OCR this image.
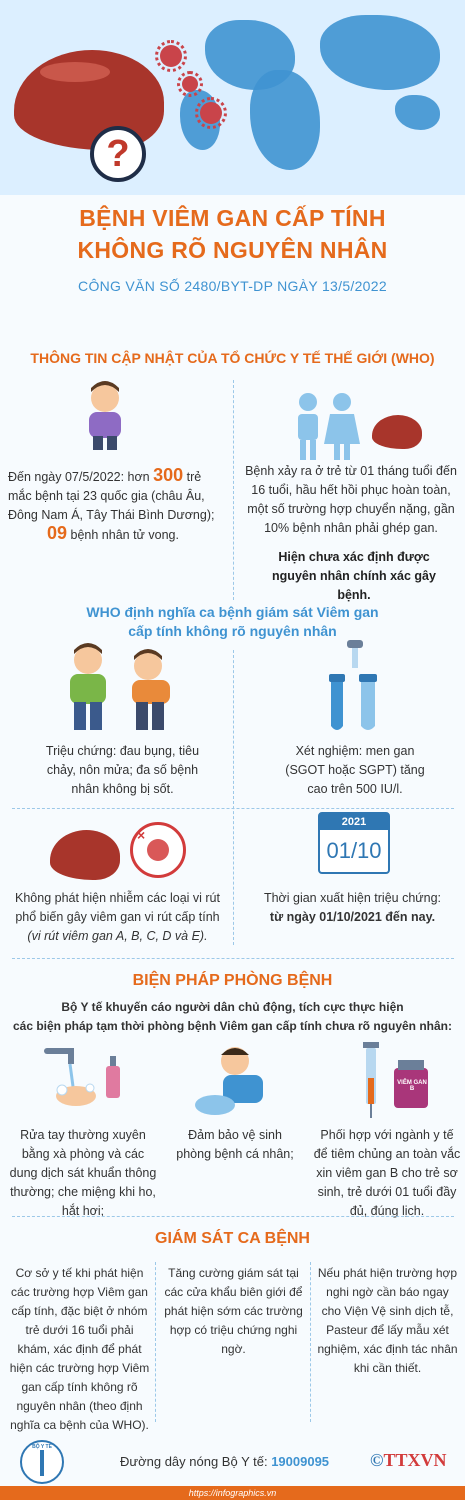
?
BỆNH VIÊM GAN CẤP TÍNH
KHÔNG RÕ NGUYÊN NHÂN
CÔNG VĂN SỐ 2480/BYT-DP NGÀY 13/5/2022
THÔNG TIN CẬP NHẬT CỦA TỔ CHỨC Y TẾ THẾ GIỚI (WHO)
Đến ngày 07/5/2022: hơn 300 trẻ mắc bệnh tại 23 quốc gia (châu Âu, Đông Nam Á, Tây Thái Bình Dương);
09 bệnh nhân tử vong.
Bệnh xảy ra ở trẻ từ 01 tháng tuổi đến 16 tuổi, hầu hết hồi phục hoàn toàn, một số trường hợp chuyển nặng, gần 10% bệnh nhân phải ghép gan.
Hiện chưa xác định được nguyên nhân chính xác gây bệnh.
WHO định nghĩa ca bệnh giám sát Viêm gan
cấp tính không rõ nguyên nhân
Triệu chứng: đau bụng, tiêu chảy, nôn mửa; đa số bệnh nhân không bị sốt.
Xét nghiệm: men gan (SGOT hoặc SGPT) tăng cao trên 500 IU/l.
×
Không phát hiện nhiễm các loại vi rút phổ biến gây viêm gan vi rút cấp tính (vi rút viêm gan A, B, C, D và E).
2021
01/10
Thời gian xuất hiện triệu chứng:
từ ngày 01/10/2021 đến nay.
BIỆN PHÁP PHÒNG BỆNH
Bộ Y tế khuyến cáo người dân chủ động, tích cực thực hiện
các biện pháp tạm thời phòng bệnh Viêm gan cấp tính chưa rõ nguyên nhân:
Rửa tay thường xuyên bằng xà phòng và các dung dịch sát khuẩn thông thường; che miệng khi ho, hắt hơi;
Đảm bảo vệ sinh phòng bệnh cá nhân;
VIÊM GAN B
Phối hợp với ngành y tế để tiêm chủng an toàn vắc xin viêm gan B cho trẻ sơ sinh, trẻ dưới 01 tuổi đầy đủ, đúng lịch.
GIÁM SÁT CA BỆNH
Cơ sở y tế khi phát hiện các trường hợp Viêm gan cấp tính, đặc biệt ở nhóm trẻ dưới 16 tuổi phải khám, xác định để phát hiện các trường hợp Viêm gan cấp tính không rõ nguyên nhân (theo định nghĩa ca bệnh của WHO).
Tăng cường giám sát tại các cửa khẩu biên giới để phát hiện sớm các trường hợp có triệu chứng nghi ngờ.
Nếu phát hiện trường hợp nghi ngờ cần báo ngay cho Viện Vệ sinh dịch tễ, Pasteur để lấy mẫu xét nghiệm, xác định tác nhân khi cần thiết.
BỘ Y TẾ
Đường dây nóng Bộ Y tế: 19009095 ©TTXVN
https://infographics.vn
